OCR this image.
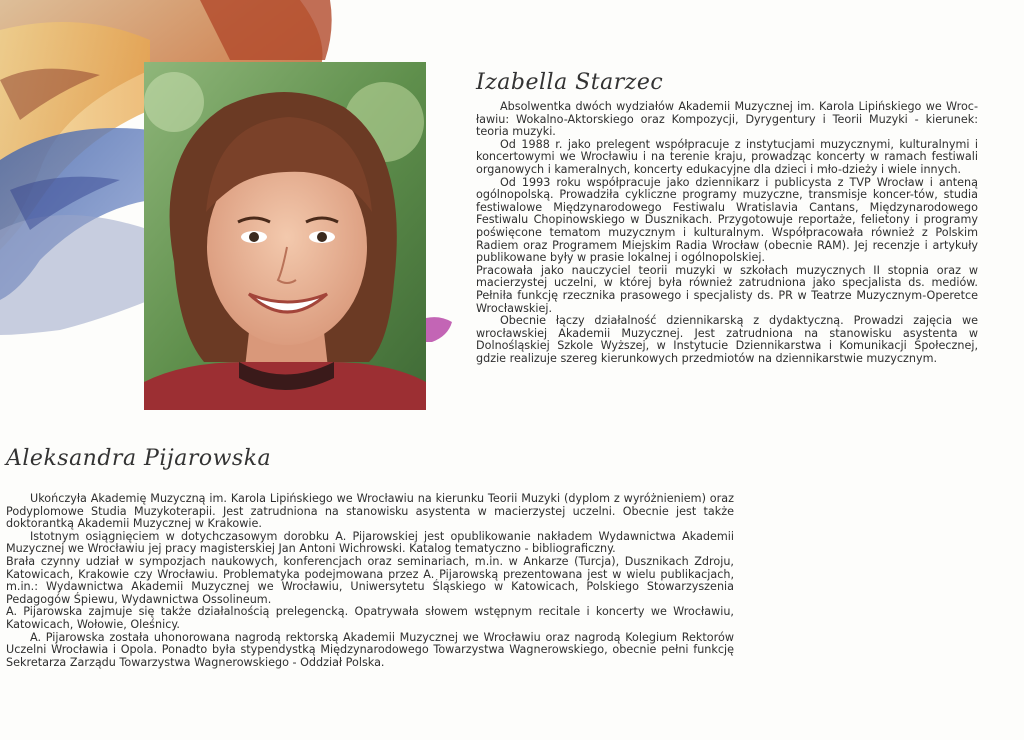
Izabella Starzec

Absolwentka dwóch wydziałów Akademii Muzycznej im. Karola Lipińskiego we Wroc-ławiu: Wokalno-Aktorskiego oraz Kompozycji, Dyrygentury i Teorii Muzyki - kierunek: teoria muzyki.

Od 1988 r. jako prelegent współpracuje z instytucjami muzycznymi, kulturalnymi i koncertowymi we Wrocławiu i na terenie kraju, prowadząc koncerty w ramach festiwali organowych i kameralnych, koncerty edukacyjne dla dzieci i mło-dzieży i wiele innych.

Od 1993 roku współpracuje jako dziennikarz i publicysta z TVP Wrocław i anteną ogólnopolską. Prowadziła cykliczne programy muzyczne, transmisje koncer-tów, studia festiwalowe Międzynarodowego Festiwalu Wratislavia Cantans, Międzynarodowego Festiwalu Chopinowskiego w Dusznikach. Przygotowuje reportaże, felietony i programy poświęcone tematom muzycznym i kulturalnym. Współpracowała również z Polskim Radiem oraz Programem Miejskim Radia Wrocław (obecnie RAM). Jej recenzje i artykuły publikowane były w prasie lokalnej i ogólnopolskiej.

Pracowała jako nauczyciel teorii muzyki w szkołach muzycznych II stopnia oraz w macierzystej uczelni, w której była również zatrudniona jako specjalista ds. mediów. Pełniła funkcję rzecznika prasowego i specjalisty ds. PR w Teatrze Muzycznym-Operetce Wrocławskiej.

Obecnie łączy działalność dziennikarską z dydaktyczną. Prowadzi zajęcia we wrocławskiej Akademii Muzycznej. Jest zatrudniona na stanowisku asystenta w Dolnośląskiej Szkole Wyższej, w Instytucie Dziennikarstwa i Komunikacji Społecznej, gdzie realizuje szereg kierunkowych przedmiotów na dziennikarstwie muzycznym.

Aleksandra Pijarowska

Ukończyła Akademię Muzyczną im. Karola Lipińskiego we Wrocławiu na kierunku Teorii Muzyki (dyplom z wyróżnieniem) oraz Podyplomowe Studia Muzykoterapii. Jest zatrudniona na stanowisku asystenta w macierzystej uczelni. Obecnie jest także doktorantką Akademii Muzycznej w Krakowie.

Istotnym osiągnięciem w dotychczasowym dorobku A. Pijarowskiej jest opublikowanie nakładem Wydawnictwa Akademii Muzycznej we Wrocławiu jej pracy magisterskiej Jan Antoni Wichrowski. Katalog tematyczno - bibliograficzny.

Brała czynny udział w sympozjach naukowych, konferencjach oraz seminariach, m.in. w Ankarze (Turcja), Dusznikach Zdroju, Katowicach, Krakowie czy Wrocławiu. Problematyka podejmowana przez A. Pijarowską prezentowana jest w wielu publikacjach, m.in.: Wydawnictwa Akademii Muzycznej we Wrocławiu, Uniwersytetu Śląskiego w Katowicach, Polskiego Stowarzyszenia Pedagogów Śpiewu, Wydawnictwa Ossolineum.

A. Pijarowska zajmuje się także działalnością prelegencką. Opatrywała słowem wstępnym recitale i koncerty we Wrocławiu, Katowicach, Wołowie, Oleśnicy.

A. Pijarowska została uhonorowana nagrodą rektorską Akademii Muzycznej we Wrocławiu oraz nagrodą Kolegium Rektorów Uczelni Wrocławia i Opola. Ponadto była stypendystką Międzynarodowego Towarzystwa Wagnerowskiego, obecnie pełni funkcję Sekretarza Zarządu Towarzystwa Wagnerowskiego - Oddział Polska.
